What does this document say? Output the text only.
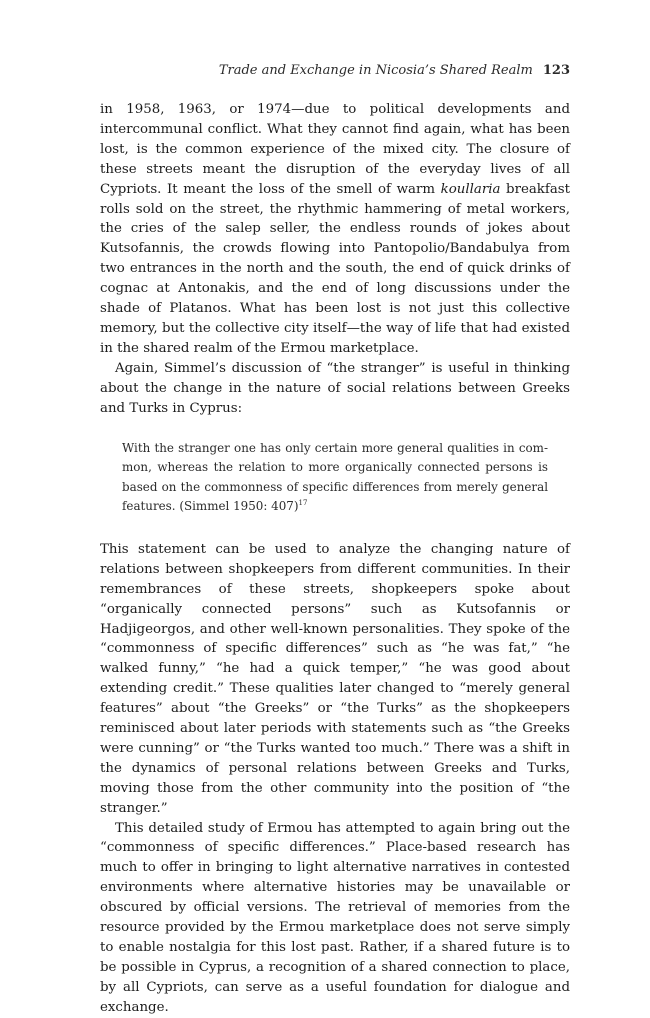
Trade and Exchange in Nicosia’s Shared Realm 123

in 1958, 1963, or 1974—due to political developments and intercommunal conflict. What they cannot find again, what has been lost, is the common experience of the mixed city. The closure of these streets meant the disruption of the everyday lives of all Cypriots. It meant the loss of the smell of warm koullaria breakfast rolls sold on the street, the rhythmic hammering of metal workers, the cries of the salep seller, the endless rounds of jokes about Kutsofannis, the crowds flowing into Pantopolio/​Bandabulya from two entrances in the north and the south, the end of quick drinks of cognac at Antonakis, and the end of long discussions under the shade of Platanos. What has been lost is not just this collective memory, but the collective city itself—the way of life that had existed in the shared realm of the Ermou marketplace.

Again, Simmel’s discussion of “the stranger” is useful in thinking about the change in the nature of social relations between Greeks and Turks in Cyprus:

With the stranger one has only certain more general qualities in common, whereas the relation to more organically connected persons is based on the commonness of specific differences from merely general features. (Simmel 1950: 407)$^{17}$

This statement can be used to analyze the changing nature of relations between shopkeepers from different communities. In their remembrances of these streets, shopkeepers spoke about “organically connected persons” such as Kutsofannis or Hadjigeorgos, and other well-known personalities. They spoke of the “commonness of specific differences” such as “he was fat,” “he walked funny,” “he had a quick temper,” “he was good about extending credit.” These qualities later changed to “merely general features” about “the Greeks” or “the Turks” as the shopkeepers reminisced about later periods with statements such as “the Greeks were cunning” or “the Turks wanted too much.” There was a shift in the dynamics of personal relations between Greeks and Turks, moving those from the other community into the position of “the stranger.”

This detailed study of Ermou has attempted to again bring out the “commonness of specific differences.” Place-based research has much to offer in bringing to light alternative narratives in contested environments where alternative histories may be unavailable or obscured by official versions. The retrieval of memories from the resource provided by the Ermou marketplace does not serve simply to enable nostalgia for this lost past. Rather, if a shared future is to be possible in Cyprus, a recognition of a shared connection to place, by all Cypriots, can serve as a useful foundation for dialogue and exchange.
